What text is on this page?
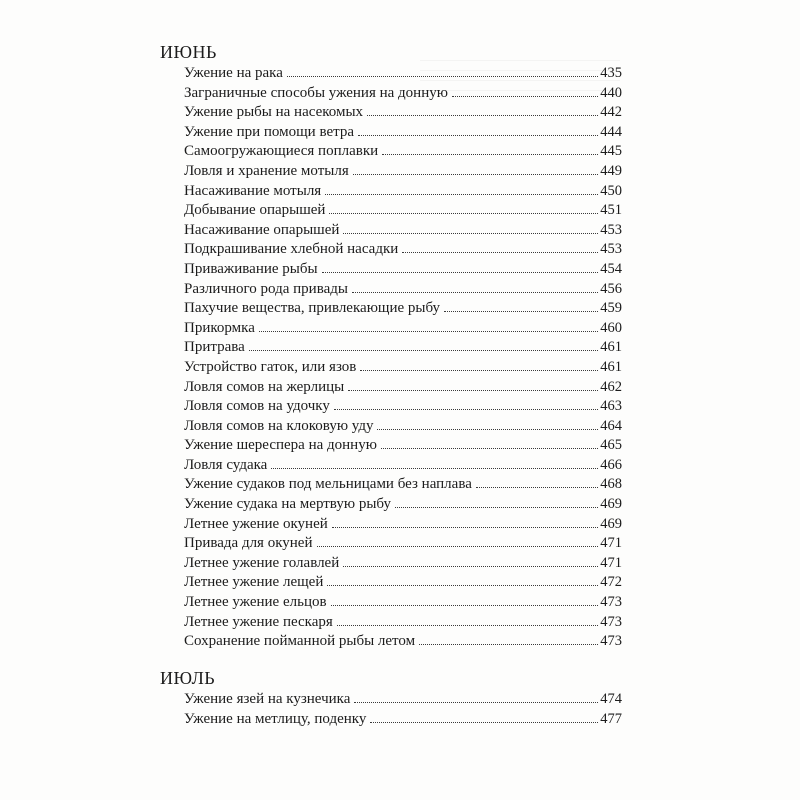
ИЮНЬ
Ужение на рака	435
Заграничные способы ужения на донную	440
Ужение рыбы на насекомых	442
Ужение при помощи ветра	444
Самоогружающиеся поплавки	445
Ловля и хранение мотыля	449
Насаживание мотыля	450
Добывание опарышей	451
Насаживание опарышей	453
Подкрашивание хлебной насадки	453
Приваживание рыбы	454
Различного рода привады	456
Пахучие вещества, привлекающие рыбу	459
Прикормка	460
Притрава	461
Устройство гаток, или язов	461
Ловля сомов на жерлицы	462
Ловля сомов на удочку	463
Ловля сомов на клоковую уду	464
Ужение шереспера на донную	465
Ловля судака	466
Ужение судаков под мельницами без наплава	468
Ужение судака на мертвую рыбу	469
Летнее ужение окуней	469
Привада для окуней	471
Летнее ужение голавлей	471
Летнее ужение лещей	472
Летнее ужение ельцов	473
Летнее ужение пескаря	473
Сохранение пойманной рыбы летом	473
ИЮЛЬ
Ужение язей на кузнечика	474
Ужение на метлицу, поденку	477
